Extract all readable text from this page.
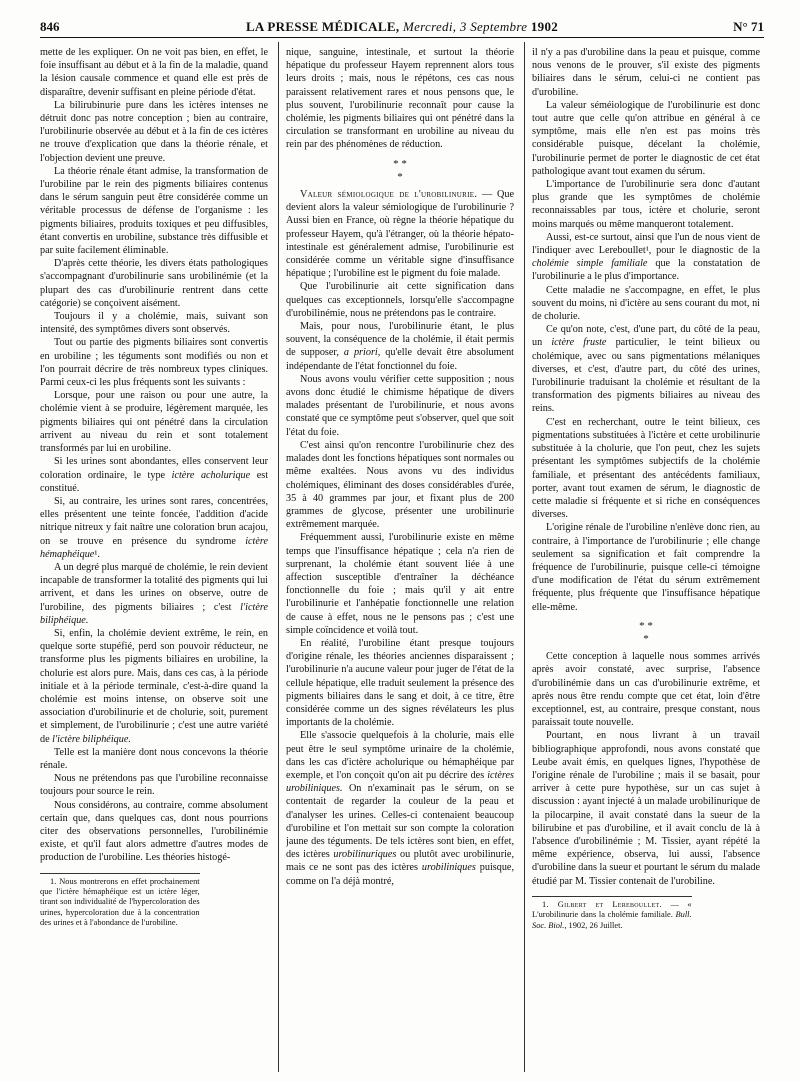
846	LA PRESSE MÉDICALE, Mercredi, 3 Septembre 1902	N° 71

mette de les expliquer. On ne voit pas bien, en effet, le foie insuffisant au début et à la fin de la maladie, quand la lésion causale commence et quand elle est près de disparaître, devenir suffisant en pleine période d'état.

La bilirubinurie pure dans les ictères intenses ne détruit donc pas notre conception ; bien au contraire, l'urobilinurie observée au début et à la fin de ces ictères ne trouve d'explication que dans la théorie rénale, et l'objection devient une preuve.

La théorie rénale étant admise, la transformation de l'urobiline par le rein des pigments biliaires contenus dans le sérum sanguin peut être considérée comme un véritable processus de défense de l'organisme : les pigments biliaires, produits toxiques et peu diffusibles, étant convertis en urobiline, substance très diffusible et par suite facilement éliminable.

D'après cette théorie, les divers états pathologiques s'accompagnant d'urobilinurie sans urobilinémie (et la plupart des cas d'urobilinurie rentrent dans cette catégorie) se conçoivent aisément.

Toujours il y a cholémie, mais, suivant son intensité, des symptômes divers sont observés.

Tout ou partie des pigments biliaires sont convertis en urobiline ; les téguments sont modifiés ou non et l'on pourrait décrire de très nombreux types cliniques. Parmi ceux-ci les plus fréquents sont les suivants :

Lorsque, pour une raison ou pour une autre, la cholémie vient à se produire, légèrement marquée, les pigments biliaires qui ont pénétré dans la circulation arrivent au niveau du rein et sont totalement transformés par lui en urobiline.

Si les urines sont abondantes, elles conservent leur coloration ordinaire, le type ictère acholurique est constitué.

Si, au contraire, les urines sont rares, concentrées, elles présentent une teinte foncée, l'addition d'acide nitrique nitreux y fait naître une coloration brun acajou, on se trouve en présence du syndrome ictère hémaphéique¹.

A un degré plus marqué de cholémie, le rein devient incapable de transformer la totalité des pigments qui lui arrivent, et dans les urines on observe, outre de l'urobiline, des pigments biliaires ; c'est l'ictère biliphéique.

Si, enfin, la cholémie devient extrême, le rein, en quelque sorte stupéfié, perd son pouvoir réducteur, ne transforme plus les pigments biliaires en urobiline, la cholurie est alors pure. Mais, dans ces cas, à la période initiale et à la période terminale, c'est-à-dire quand la cholémie est moins intense, on observe soit une association d'urobilinurie et de cholurie, soit, purement et simplement, de l'urobilinurie ; c'est une autre variété de l'ictère biliphéique.

Telle est la manière dont nous concevons la théorie rénale.

Nous ne prétendons pas que l'urobiline reconnaisse toujours pour source le rein.

Nous considérons, au contraire, comme absolument certain que, dans quelques cas, dont nous pourrions citer des observations personnelles, l'urobilinémie existe, et qu'il faut alors admettre d'autres modes de production de l'urobiline. Les théories histogé-

1. Nous montrerons en effet prochainement que l'ictère hémaphéique est un ictère léger, tirant son individualité de l'hypercoloration des urines, hypercoloration due à la concentration des urines et à l'abondance de l'urobiline.

nique, sanguine, intestinale, et surtout la théorie hépatique du professeur Hayem reprennent alors tous leurs droits ; mais, nous le répétons, ces cas nous paraissent relativement rares et nous pensons que, le plus souvent, l'urobilinurie reconnaît pour cause la cholémie, les pigments biliaires qui ont pénétré dans la circulation se transformant en urobiline au niveau du rein par des phénomènes de réduction.

* *
*

Valeur sémiologique de l'urobilinurie. — Que devient alors la valeur sémiologique de l'urobilinurie ? Aussi bien en France, où règne la théorie hépatique du professeur Hayem, qu'à l'étranger, où la théorie hépato-intestinale est généralement admise, l'urobilinurie est considérée comme un véritable signe d'insuffisance hépatique ; l'urobiline est le pigment du foie malade.

Que l'urobilinurie ait cette signification dans quelques cas exceptionnels, lorsqu'elle s'accompagne d'urobilinémie, nous ne prétendons pas le contraire.

Mais, pour nous, l'urobilinurie étant, le plus souvent, la conséquence de la cholémie, il était permis de supposer, a priori, qu'elle devait être absolument indépendante de l'état fonctionnel du foie.

Nous avons voulu vérifier cette supposition ; nous avons donc étudié le chimisme hépatique de divers malades présentant de l'urobilinurie, et nous avons constaté que ce symptôme peut s'observer, quel que soit l'état du foie.

C'est ainsi qu'on rencontre l'urobilinurie chez des malades dont les fonctions hépatiques sont normales ou même exaltées. Nous avons vu des individus cholémiques, éliminant des doses considérables d'urée, 35 à 40 grammes par jour, et fixant plus de 200 grammes de glycose, présenter une urobilinurie extrêmement marquée.

Fréquemment aussi, l'urobilinurie existe en même temps que l'insuffisance hépatique ; cela n'a rien de surprenant, la cholémie étant souvent liée à une affection susceptible d'entraîner la déchéance fonctionnelle du foie ; mais qu'il y ait entre l'urobilinurie et l'anhépatie fonctionnelle une relation de cause à effet, nous ne le pensons pas ; c'est une simple coïncidence et voilà tout.

En réalité, l'urobiline étant presque toujours d'origine rénale, les théories anciennes disparaissent ; l'urobilinurie n'a aucune valeur pour juger de l'état de la cellule hépatique, elle traduit seulement la présence des pigments biliaires dans le sang et doit, à ce titre, être considérée comme un des signes révélateurs les plus importants de la cholémie.

Elle s'associe quelquefois à la cholurie, mais elle peut être le seul symptôme urinaire de la cholémie, dans les cas d'ictère acholurique ou hémaphéique par exemple, et l'on conçoit qu'on ait pu décrire des ictères urobiliniques. On n'examinait pas le sérum, on se contentait de regarder la couleur de la peau et d'analyser les urines. Celles-ci contenaient beaucoup d'urobiline et l'on mettait sur son compte la coloration jaune des téguments. De tels ictères sont bien, en effet, des ictères urobilinuriques ou plutôt avec urobilinurie, mais ce ne sont pas des ictères urobiliniques puisque, comme on l'a déjà montré,

il n'y a pas d'urobiline dans la peau et puisque, comme nous venons de le prouver, s'il existe des pigments biliaires dans le sérum, celui-ci ne contient pas d'urobiline.

La valeur séméiologique de l'urobilinurie est donc tout autre que celle qu'on attribue en général à ce symptôme, mais elle n'en est pas moins très considérable puisque, décelant la cholémie, l'urobilinurie permet de porter le diagnostic de cet état pathologique avant tout examen du sérum.

L'importance de l'urobilinurie sera donc d'autant plus grande que les symptômes de cholémie reconnaissables par tous, ictère et cholurie, seront moins marqués ou même manqueront totalement.

Aussi, est-ce surtout, ainsi que l'un de nous vient de l'indiquer avec Lereboullet¹, pour le diagnostic de la cholémie simple familiale que la constatation de l'urobilinurie a le plus d'importance.

Cette maladie ne s'accompagne, en effet, le plus souvent du moins, ni d'ictère au sens courant du mot, ni de cholurie.

Ce qu'on note, c'est, d'une part, du côté de la peau, un ictère fruste particulier, le teint bilieux ou cholémique, avec ou sans pigmentations mélaniques diverses, et c'est, d'autre part, du côté des urines, l'urobilinurie traduisant la cholémie et résultant de la transformation des pigments biliaires au niveau des reins.

C'est en recherchant, outre le teint bilieux, ces pigmentations substituées à l'ictère et cette urobilinurie substituée à la cholurie, que l'on peut, chez les sujets présentant les symptômes subjectifs de la cholémie familiale, et présentant des antécédents familiaux, porter, avant tout examen de sérum, le diagnostic de cette maladie si fréquente et si riche en conséquences diverses.

L'origine rénale de l'urobiline n'enlève donc rien, au contraire, à l'importance de l'urobilinurie ; elle change seulement sa signification et fait comprendre la fréquence de l'urobilinurie, puisque celle-ci témoigne d'une modification de l'état du sérum extrêmement fréquente, plus fréquente que l'insuffisance hépatique elle-même.

* *
*

Cette conception à laquelle nous sommes arrivés après avoir constaté, avec surprise, l'absence d'urobilinémie dans un cas d'urobilinurie extrême, et après nous être rendu compte que cet état, loin d'être exceptionnel, est, au contraire, presque constant, nous paraissait toute nouvelle.

Pourtant, en nous livrant à un travail bibliographique approfondi, nous avons constaté que Leube avait émis, en quelques lignes, l'hypothèse de l'origine rénale de l'urobiline ; mais il se basait, pour arriver à cette pure hypothèse, sur un cas sujet à discussion : ayant injecté à un malade urobilinurique de la pilocarpine, il avait constaté dans la sueur de la bilirubine et pas d'urobiline, et il avait conclu de là à l'absence d'urobilinémie ; M. Tissier, ayant répété la même expérience, observa, lui aussi, l'absence d'urobiline dans la sueur et pourtant le sérum du malade étudié par M. Tissier contenait de l'urobiline.

1. Gilbert et Lereboullet. — « L'urobilinurie dans la cholémie familiale. Bull. Soc. Biol., 1902, 26 Juillet.
